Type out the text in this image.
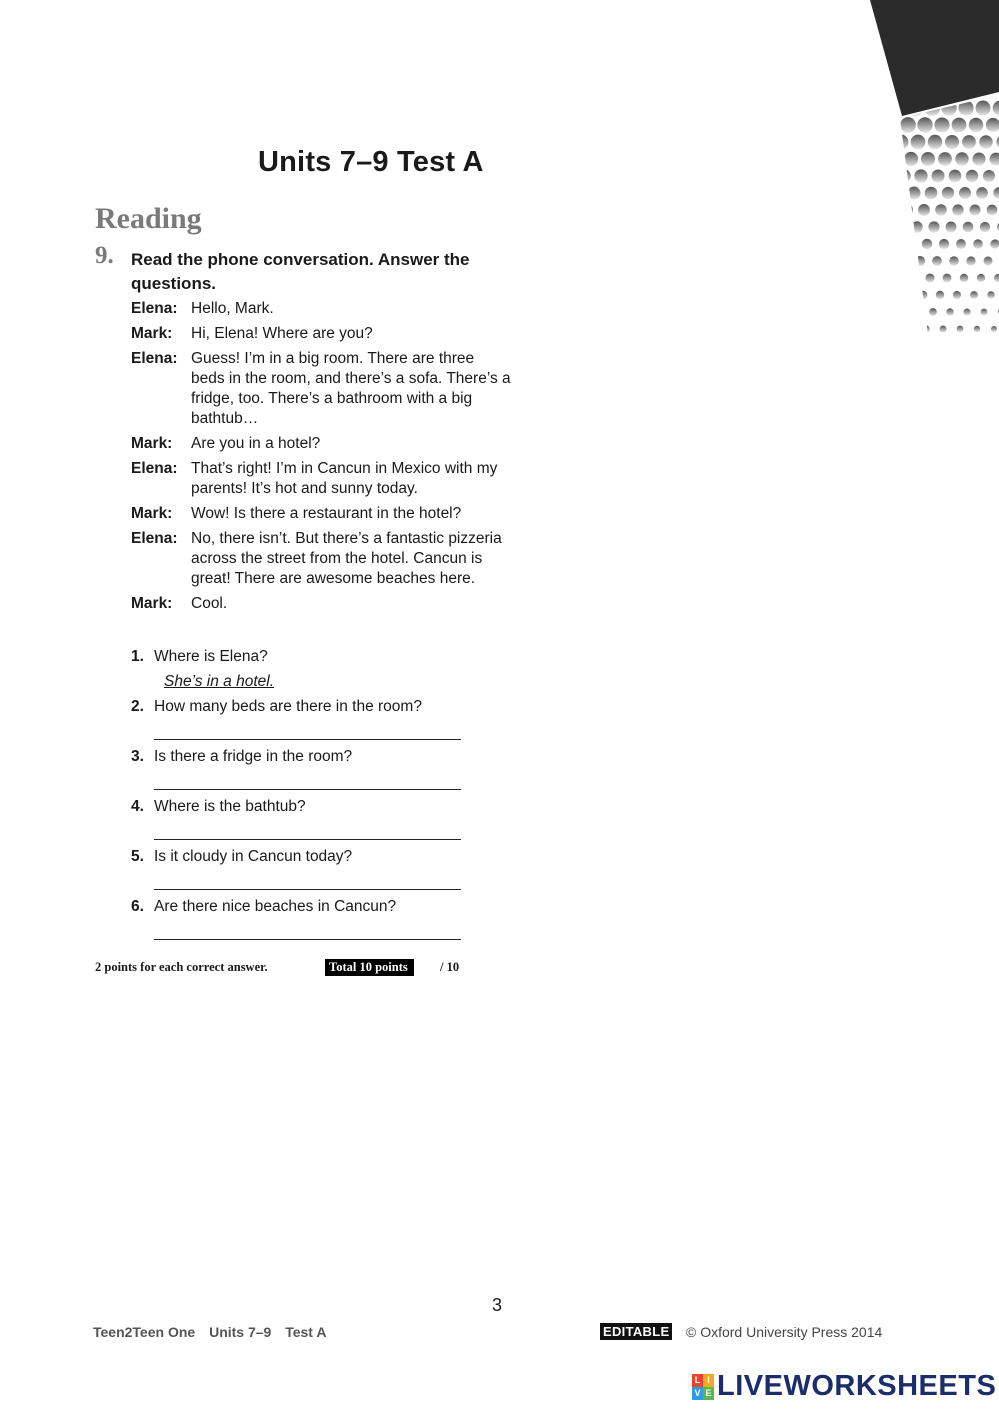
Units 7–9 Test A
Reading
9. Read the phone conversation. Answer the questions.

Elena: Hello, Mark.
Mark:	Hi, Elena! Where are you?
Elena: Guess! I’m in a big room. There are three beds in the room, and there’s a sofa. There’s a fridge, too. There’s a bathroom with a big bathtub…
Mark:	Are you in a hotel?
Elena: That’s right! I’m in Cancun in Mexico with my parents! It’s hot and sunny today.
Mark:	Wow! Is there a restaurant in the hotel?
Elena: No, there isn’t. But there’s a fantastic pizzeria across the street from the hotel. Cancun is great! There are awesome beaches here.
Mark:	Cool.
1. Where is Elena?
She’s in a hotel.
2. How many beds are there in the room?
3. Is there a fridge in the room?
4. Where is the bathtub?
5. Is it cloudy in Cancun today?
6. Are there nice beaches in Cancun?
2 points for each correct answer.	Total 10 points	/ 10
3
Teen2Teen One Units 7–9 Test A	EDITABLE © Oxford University Press 2014
L I
V E LIVEWORKSHEETS
